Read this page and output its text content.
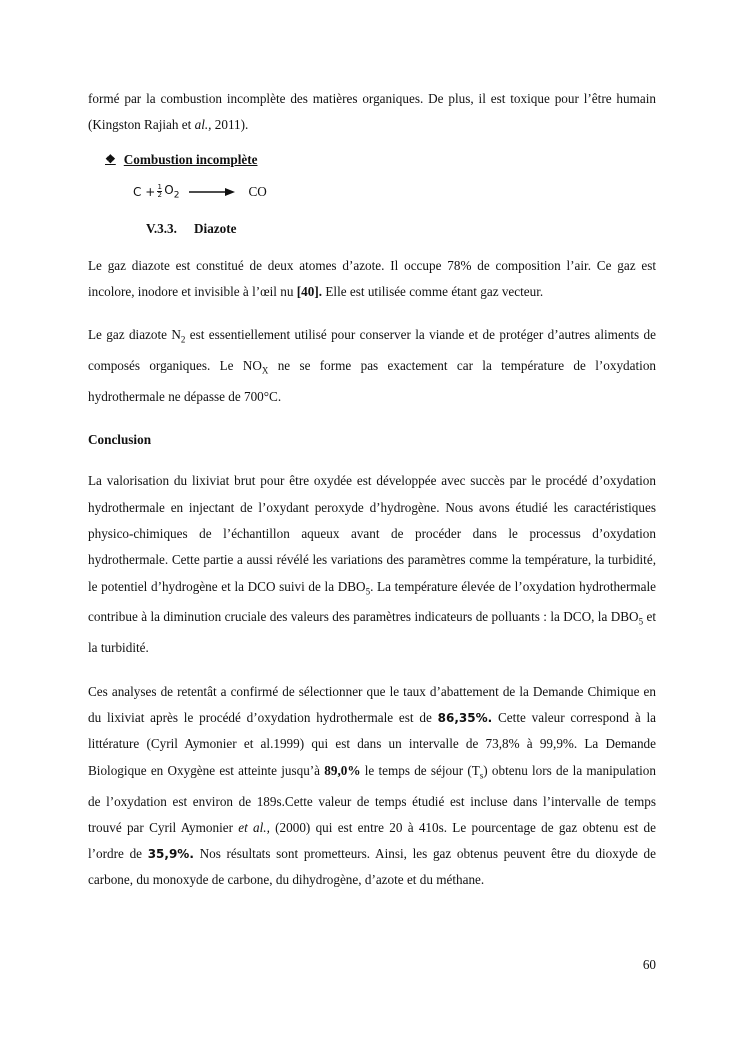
formé par la combustion incomplète des matières organiques. De plus, il est toxique pour l’être humain (Kingston Rajiah et al., 2011).

❖ Combustion incomplète
$C + \frac{1}{2} O_2$ → CO
V.3.3. Diazote

Le gaz diazote est constitué de deux atomes d’azote. Il occupe 78% de composition l’air. Ce gaz est incolore, inodore et invisible à l’œil nu [40]. Elle est utilisée comme étant gaz vecteur.

Le gaz diazote $N_2$ est essentiellement utilisé pour conserver la viande et de protéger d’autres aliments de composés organiques. Le $NO_X$ ne se forme pas exactement car la température de l’oxydation hydrothermale ne dépasse de 700°C.

Conclusion

La valorisation du lixiviat brut pour être oxydée est développée avec succès par le procédé d’oxydation hydrothermale en injectant de l’oxydant peroxyde d’hydrogène. Nous avons étudié les caractéristiques physico-chimiques de l’échantillon aqueux avant de procéder dans le processus d’oxydation hydrothermale. Cette partie a aussi révélé les variations des paramètres comme la température, la turbidité, le potentiel d’hydrogène et la DCO suivi de la $DBO_5$. La température élevée de l’oxydation hydrothermale contribue à la diminution cruciale des valeurs des paramètres indicateurs de polluants : la DCO, la $DBO_5$ et la turbidité.

Ces analyses de retentât a confirmé de sélectionner que le taux d’abattement de la Demande Chimique en du lixiviat après le procédé d’oxydation hydrothermale est de 86,35%. Cette valeur correspond à la littérature (Cyril Aymonier et al.1999) qui est dans un intervalle de 73,8% à 99,9%. La Demande Biologique en Oxygène est atteinte jusqu’à 89,0% le temps de séjour $(T_s)$ obtenu lors de la manipulation de l’oxydation est environ de 189s.Cette valeur de temps étudié est incluse dans l’intervalle de temps trouvé par Cyril Aymonier et al., (2000) qui est entre 20 à 410s. Le pourcentage de gaz obtenu est de l’ordre de 35,9%. Nos résultats sont prometteurs. Ainsi, les gaz obtenus peuvent être du dioxyde de carbone, du monoxyde de carbone, du dihydrogène, d’azote et du méthane.

60
